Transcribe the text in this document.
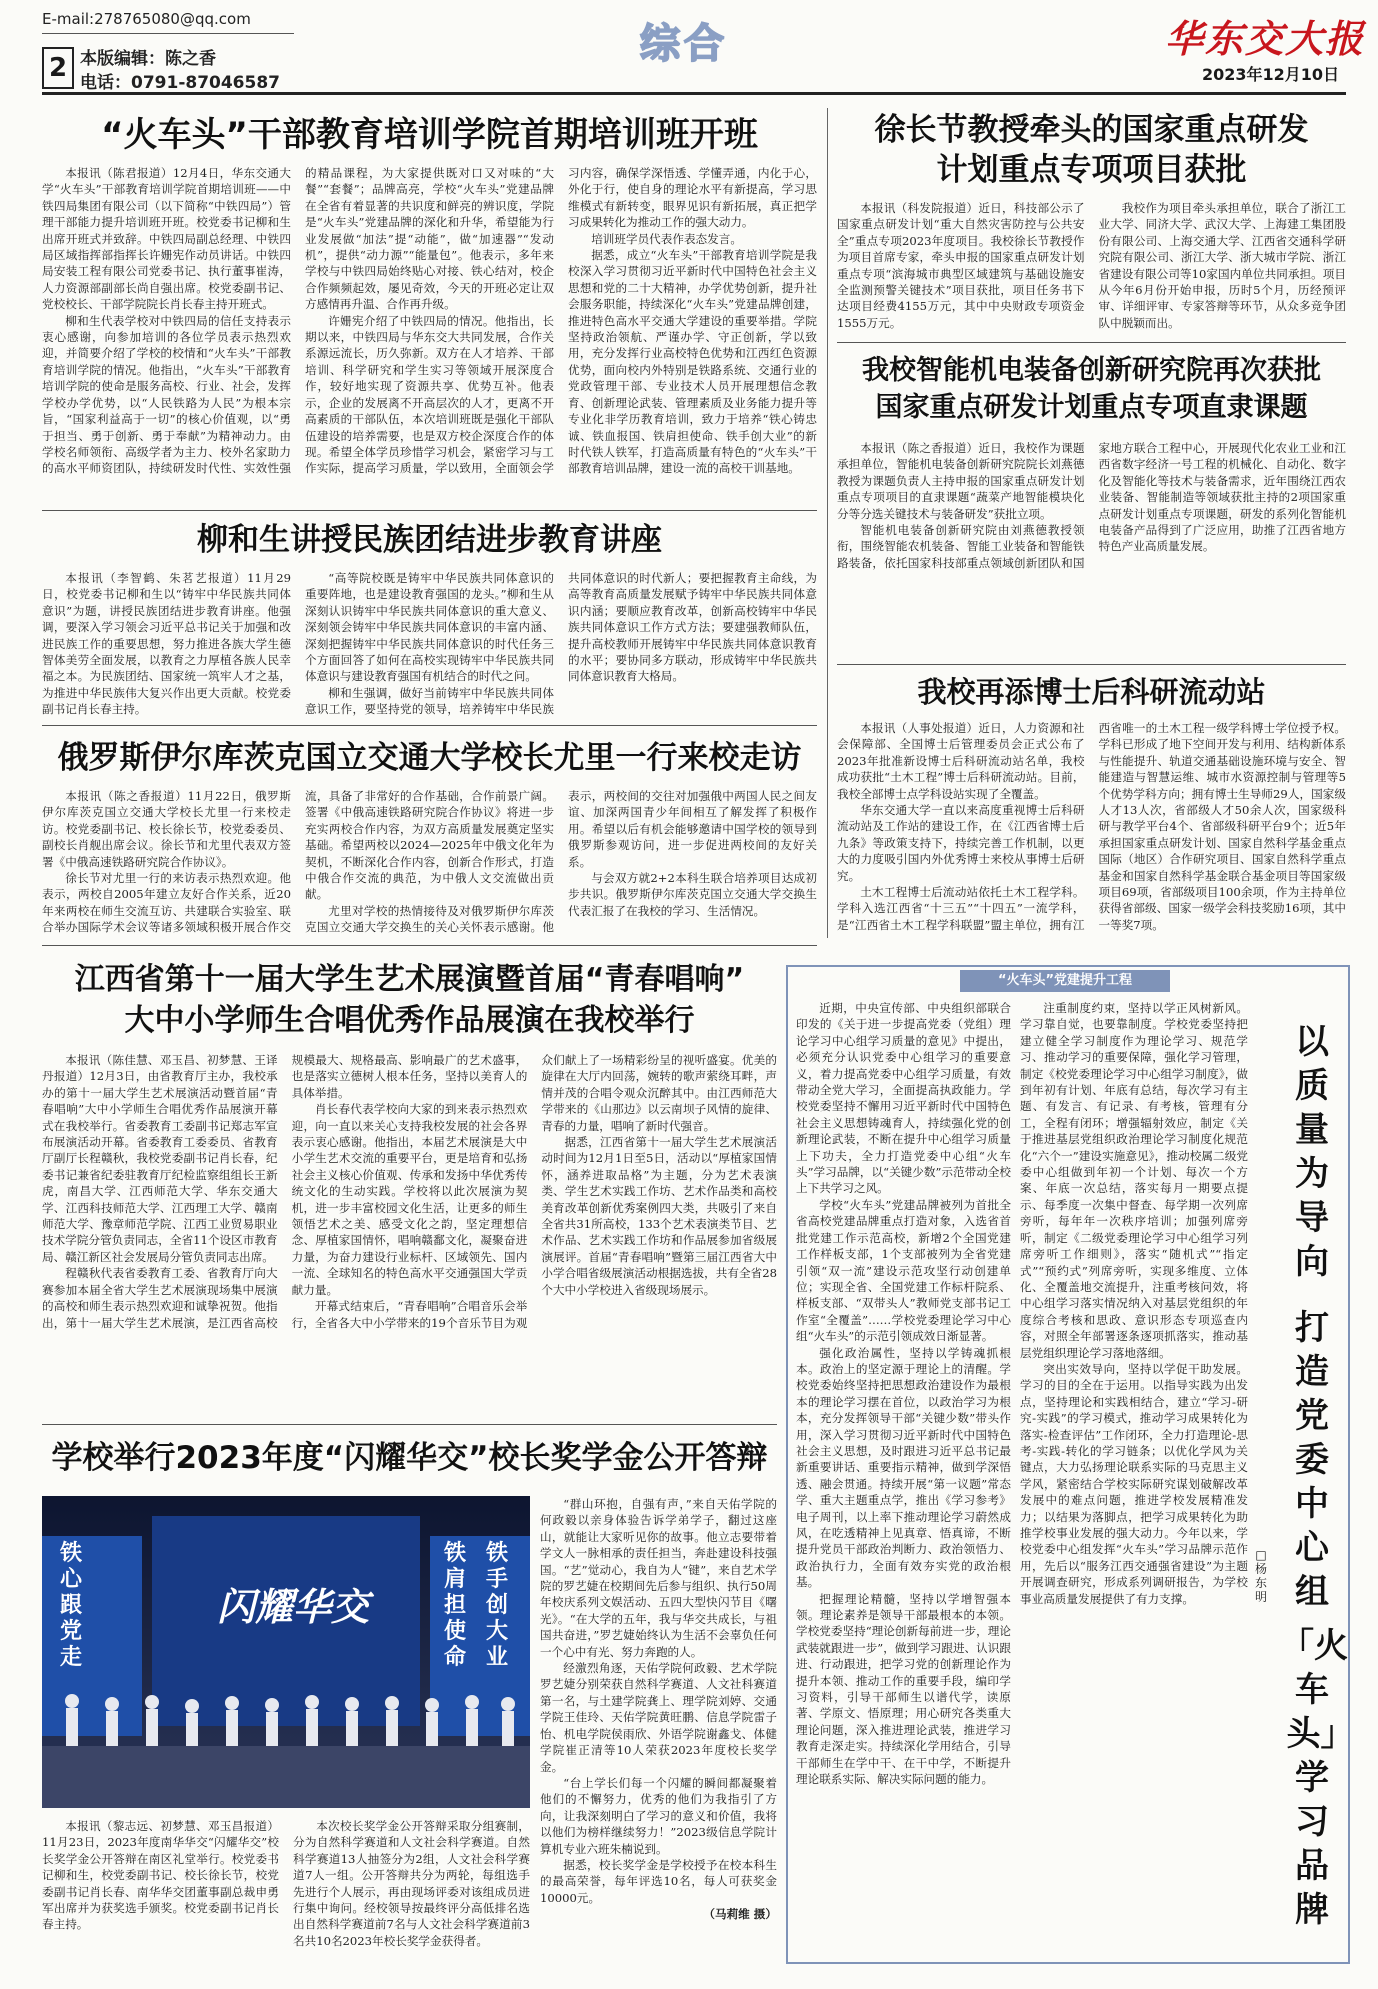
E-mail:278765080@qq.com
2 本版编辑：陈之香
电话：0791-87046587
综合	华东交大报
2023年12月10日
“火车头”干部教育培训学院首期培训班开班

本报讯（陈君报道）12月4日，华东交通大学“火车头”干部教育培训学院首期培训班——中铁四局集团有限公司（以下简称“中铁四局”）管理干部能力提升培训班开班。校党委书记柳和生出席开班式并致辞。中铁四局副总经理、中铁四局区域指挥部指挥长许姗宪作动员讲话。中铁四局安装工程有限公司党委书记、执行董事崔涛，人力资源部副部长尚自强出席。校党委副书记、党校校长、干部学院院长肖长春主持开班式。

柳和生代表学校对中铁四局的信任支持表示衷心感谢，向参加培训的各位学员表示热烈欢迎，并简要介绍了学校的校情和“火车头”干部教育培训学院的情况。他指出，“火车头”干部教育培训学院的使命是服务高校、行业、社会，发挥学校办学优势，以“人民铁路为人民”为根本宗旨，“国家利益高于一切”的核心价值观，以“勇于担当、勇于创新、勇于奉献”为精神动力。由学校名师领衔、高级学者为主力、校外名家助力的高水平师资团队，持续研发时代性、实效性强的精品课程，为大家提供既对口又对味的“大餐”“套餐”；品牌高亮，学校“火车头”党建品牌在全省有着显著的共识度和鲜亮的辨识度，学院是“火车头”党建品牌的深化和升华，希望能为行业发展做“加法”提“动能”，做“加速器”“发动机”，提供“动力源”“能量包”。他表示，多年来学校与中铁四局始终贴心对接、铁心结对，校企合作频频起效，屡见奇效，今天的开班必定让双方感情再升温、合作再升级。

许姗宪介绍了中铁四局的情况。他指出，长期以来，中铁四局与华东交大共同发展，合作关系源远流长，历久弥新。双方在人才培养、干部培训、科学研究和学生实习等领域开展深度合作，较好地实现了资源共享、优势互补。他表示，企业的发展离不开高层次的人才，更离不开高素质的干部队伍，本次培训班既是强化干部队伍建设的培养需要，也是双方校企深度合作的体现。希望全体学员珍惜学习机会，紧密学习与工作实际，提高学习质量，学以致用，全面领会学习内容，确保学深悟透、学懂弄通，内化于心，外化于行，使自身的理论水平有新提高，学习思维模式有新转变，眼界见识有新拓展，真正把学习成果转化为推动工作的强大动力。

培训班学员代表作表态发言。

据悉，成立“火车头”干部教育培训学院是我校深入学习贯彻习近平新时代中国特色社会主义思想和党的二十大精神，办学优势创新，提升社会服务职能，持续深化“火车头”党建品牌创建，推进特色高水平交通大学建设的重要举措。学院坚持政治领航、严谨办学、守正创新，学以致用，充分发挥行业高校特色优势和江西红色资源优势，面向校内外特别是铁路系统、交通行业的党政管理干部、专业技术人员开展理想信念教育、创新理论武装、管理素质及业务能力提升等专业化非学历教育培训，致力于培养“铁心铸忠诚、铁血报国、铁肩担使命、铁手创大业”的新时代铁人铁军，打造高质量有特色的“火车头”干部教育培训品牌，建设一流的高校干训基地。

柳和生讲授民族团结进步教育讲座

本报讯（李智鹤、朱茗艺报道）11月29日，校党委书记柳和生以“铸牢中华民族共同体意识”为题，讲授民族团结进步教育讲座。他强调，要深入学习领会习近平总书记关于加强和改进民族工作的重要思想，努力推进各族大学生德智体美劳全面发展，以教育之力厚植各族人民幸福之本。为民族团结、国家统一筑牢人才之基，为推进中华民族伟大复兴作出更大贡献。校党委副书记肖长春主持。

“高等院校既是铸牢中华民族共同体意识的重要阵地，也是建设教育强国的龙头。”柳和生从深刻认识铸牢中华民族共同体意识的重大意义、深刻领会铸牢中华民族共同体意识的丰富内涵、深刻把握铸牢中华民族共同体意识的时代任务三个方面回答了如何在高校实现铸牢中华民族共同体意识与建设教育强国有机结合的时代之问。

柳和生强调，做好当前铸牢中华民族共同体意识工作，要坚持党的领导，培养铸牢中华民族共同体意识的时代新人；要把握教育主命线，为高等教育高质量发展赋予铸牢中华民族共同体意识内涵；要顺应教育改革，创新高校铸牢中华民族共同体意识工作方式方法；要建强教师队伍，提升高校教师开展铸牢中华民族共同体意识教育的水平；要协同多方联动，形成铸牢中华民族共同体意识教育大格局。

俄罗斯伊尔库茨克国立交通大学校长尤里一行来校走访

本报讯（陈之香报道）11月22日，俄罗斯伊尔库茨克国立交通大学校长尤里一行来校走访。校党委副书记、校长徐长节，校党委委员、副校长肖舰出席会议。徐长节和尤里代表双方签署《中俄高速铁路研究院合作协议》。

徐长节对尤里一行的来访表示热烈欢迎。他表示，两校自2005年建立友好合作关系，近20年来两校在师生交流互访、共建联合实验室、联合举办国际学术会议等诸多领域积极开展合作交流，具备了非常好的合作基础，合作前景广阔。签署《中俄高速铁路研究院合作协议》将进一步充实两校合作内容，为双方高质量发展奠定坚实基础。希望两校以2024—2025年中俄文化年为契机，不断深化合作内容，创新合作形式，打造中俄合作交流的典范，为中俄人文交流做出贡献。

尤里对学校的热情接待及对俄罗斯伊尔库茨克国立交通大学交换生的关心关怀表示感谢。他表示，两校间的交往对加强俄中两国人民之间友谊、加深两国青少年间相互了解发挥了积极作用。希望以后有机会能够邀请中国学校的领导到俄罗斯参观访问，进一步促进两校间的友好关系。

与会双方就2+2本科生联合培养项目达成初步共识。俄罗斯伊尔库茨克国立交通大学交换生代表汇报了在我校的学习、生活情况。

江西省第十一届大学生艺术展演暨首届“青春唱响”
大中小学师生合唱优秀作品展演在我校举行

本报讯（陈佳慧、邓玉昌、初梦慧、王译丹报道）12月3日，由省教育厅主办，我校承办的第十一届大学生艺术展演活动暨首届“青春唱响”大中小学师生合唱优秀作品展演开幕式在我校举行。省委教育工委副书记郑志军宣布展演活动开幕。省委教育工委委员、省教育厅副厅长程赣秋，我校党委副书记肖长春，纪委书记兼省纪委驻教育厅纪检监察组组长王新虎，南昌大学、江西师范大学、华东交通大学、江西科技师范大学、江西理工大学、赣南师范大学、豫章师范学院、江西工业贸易职业技术学院分管负责同志，全省11个设区市教育局、赣江新区社会发展局分管负责同志出席。

程赣秋代表省委教育工委、省教育厅向大赛参加本届全省大学生艺术展演现场集中展演的高校和师生表示热烈欢迎和诚挚祝贺。他指出，第十一届大学生艺术展演，是江西省高校规模最大、规格最高、影响最广的艺术盛事，也是落实立德树人根本任务，坚持以美育人的具体举措。

肖长春代表学校向大家的到来表示热烈欢迎，向一直以来关心支持我校发展的社会各界表示衷心感谢。他指出，本届艺术展演是大中小学生艺术交流的重要平台，更是培育和弘扬社会主义核心价值观、传承和发扬中华优秀传统文化的生动实践。学校将以此次展演为契机，进一步丰富校园文化生活，让更多的师生领悟艺术之美、感受文化之韵，坚定理想信念、厚植家国情怀，唱响赣鄱文化，凝聚奋进力量，为奋力建设行业标杆、区域领先、国内一流、全球知名的特色高水平交通强国大学贡献力量。

开幕式结束后，“青春唱响”合唱音乐会举行，全省各大中小学带来的19个音乐节目为观众们献上了一场精彩纷呈的视听盛宴。优美的旋律在大厅内回荡，婉转的歌声萦绕耳畔，声情并茂的合唱令观众沉醉其中。由江西师范大学带来的《山那边》以云南坝子风情的旋律、青春的力量，唱响了新时代强音。

据悉，江西省第十一届大学生艺术展演活动时间为12月1日至5日，活动以“厚植家国情怀，涵养进取品格”为主题，分为艺术表演类、学生艺术实践工作坊、艺术作品类和高校美育改革创新优秀案例四大类，共吸引了来自全省共31所高校，133个艺术表演类节目、艺术作品、艺术实践工作坊和作品展参加省级展演展评。首届“青春唱响”暨第三届江西省大中小学合唱省级展演活动根据选拔，共有全省28个大中小学校进入省级现场展示。

学校举行2023年度“闪耀华交”校长奖学金公开答辩
闪耀华交
铁心跟党走
铁肩担使命
铁手创大业

“群山环抱，自强有声，”来自天佑学院的何政毅以亲身体验告诉学弟学子，翻过这座山，就能让大家听见你的故事。他立志要带着学文人一脉相承的责任担当，奔赴建设科技强国。“艺”觉动心，我自为人“键”，来自艺术学院的罗艺婕在校期间先后参与组织、执行50周年校庆系列文娱活动、五四大型快闪节目《曙光》。“在大学的五年，我与华交共成长，与祖国共奋进，”罗艺婕始终认为生活不会辜负任何一个心中有光、努力奔跑的人。

经激烈角逐，天佑学院何政毅、艺术学院罗艺婕分别荣获自然科学赛道、人文社科赛道第一名，与土建学院龚上、理学院刘婷、交通学院王佳玲、天佑学院黄旺鹏、信息学院雷子怡、机电学院侯雨欣、外语学院谢鑫戈、体健学院崔正清等10人荣获2023年度校长奖学金。

“台上学长们每一个闪耀的瞬间都凝聚着他们的不懈努力，优秀的他们为我指引了方向，让我深刻明白了学习的意义和价值，我将以他们为榜样继续努力！”2023级信息学院计算机专业六班朱楠说到。

据悉，校长奖学金是学校授予在校本科生的最高荣誉，每年评选10名，每人可获奖金10000元。

（马莉维 摄）

本报讯（黎志远、初梦慧、邓玉昌报道）11月23日，2023年度南华华交“闪耀华交”校长奖学金公开答辩在南区礼堂举行。校党委书记柳和生，校党委副书记、校长徐长节，校党委副书记肖长春、南华华交团董事副总裁申勇军出席并为获奖选手颁奖。校党委副书记肖长春主持。

本次校长奖学金公开答辩采取分组赛制，分为自然科学赛道和人文社会科学赛道。自然科学赛道13人抽签分为2组，人文社会科学赛道7人一组。公开答辩共分为两轮，每组选手先进行个人展示，再由现场评委对该组成员进行集中询问。经校领导按最终评分高低排名选出自然科学赛道前7名与人文社会科学赛道前3名共10名2023年校长奖学金获得者。

徐长节教授牵头的国家重点研发
计划重点专项项目获批

本报讯（科发院报道）近日，科技部公示了国家重点研发计划“重大自然灾害防控与公共安全”重点专项2023年度项目。我校徐长节教授作为项目首席专家，牵头申报的国家重点研发计划重点专项“滨海城市典型区域建筑与基础设施安全监测预警关键技术”项目获批，项目任务书下达项目经费4155万元，其中中央财政专项资金1555万元。

我校作为项目牵头承担单位，联合了浙江工业大学、同济大学、武汉大学、上海建工集团股份有限公司、上海交通大学、江西省交通科学研究院有限公司、浙江大学、浙大城市学院、浙江省建设有限公司等10家国内单位共同承担。项目从今年6月份开始申报，历时5个月，历经预评审、详细评审、专家答辩等环节，从众多竞争团队中脱颖而出。

我校智能机电装备创新研究院再次获批
国家重点研发计划重点专项直隶课题

本报讯（陈之香报道）近日，我校作为课题承担单位，智能机电装备创新研究院院长刘燕德教授为课题负责人主持申报的国家重点研发计划重点专项项目的直隶课题“蔬菜产地智能模块化分等分选关键技术与装备研发”获批立项。

智能机电装备创新研究院由刘燕德教授领衔，围绕智能农机装备、智能工业装备和智能铁路装备，依托国家科技部重点领域创新团队和国家地方联合工程中心，开展现代化农业工业和江西省数字经济一号工程的机械化、自动化、数字化及智能化等技术与装备需求，近年围绕江西农业装备、智能制造等领域获批主持的2项国家重点研发计划重点专项课题，研发的系列化智能机电装备产品得到了广泛应用，助推了江西省地方特色产业高质量发展。

我校再添博士后科研流动站

本报讯（人事处报道）近日，人力资源和社会保障部、全国博士后管理委员会正式公布了2023年批准新设博士后科研流动站名单，我校成功获批“土木工程”博士后科研流动站。目前，我校全部博士点学科设站实现了全覆盖。

华东交通大学一直以来高度重视博士后科研流动站及工作站的建设工作，在《江西省博士后九条》等政策支持下，持续完善工作机制，以更大的力度吸引国内外优秀博士来校从事博士后研究。

土木工程博士后流动站依托土木工程学科。学科入选江西省“十三五”“十四五”一流学科，是“江西省土木工程学科联盟”盟主单位，拥有江西省唯一的土木工程一级学科博士学位授予权。学科已形成了地下空间开发与利用、结构新体系与性能提升、轨道交通基础设施环境与安全、智能建造与智慧运维、城市水资源控制与管理等5个优势学科方向；拥有博士生导师29人，国家级人才13人次，省部级人才50余人次，国家级科研与教学平台4个、省部级科研平台9个；近5年承担国家重点研发计划、国家自然科学基金重点国际（地区）合作研究项目、国家自然科学重点基金和国家自然科学基金联合基金项目等国家级项目69项，省部级项目100余项，作为主持单位获得省部级、国家一级学会科技奖励16项，其中一等奖7项。

“火车头”党建提升工程

近期，中央宣传部、中央组织部联合印发的《关于进一步提高党委（党组）理论学习中心组学习质量的意见》中提出，必须充分认识党委中心组学习的重要意义，着力提高党委中心组学习质量，有效带动全党大学习，全面提高执政能力。学校党委坚持不懈用习近平新时代中国特色社会主义思想铸魂育人，持续强化党的创新理论武装，不断在提升中心组学习质量上下功夫，全力打造党委中心组“火车头”学习品牌，以“关键少数”示范带动全校上下共学习之风。

学校“火车头”党建品牌被列为首批全省高校党建品牌重点打造对象，入选省首批党建工作示范高校，新增2个全国党建工作样板支部，1个支部被列为全省党建引领“双一流”建设示范攻坚行动创建单位；实现全省、全国党建工作标杆院系、样板支部、“双带头人”教师党支部书记工作室“全覆盖”……学校党委理论学习中心组“火车头”的示范引领成效日渐显著。

强化政治属性，坚持以学铸魂抓根本。政治上的坚定源于理论上的清醒。学校党委始终坚持把思想政治建设作为最根本的理论学习摆在首位，以政治学习为根本，充分发挥领导干部“关键少数”带头作用，深入学习贯彻习近平新时代中国特色社会主义思想，及时跟进习近平总书记最新重要讲话、重要指示精神，做到学深悟透、融会贯通。持续开展“第一议题”常态学、重大主题重点学，推出《学习参考》电子周刊，以上率下推动理论学习蔚然成风，在吃透精神上见真章、悟真谛，不断提升党员干部政治判断力、政治领悟力、政治执行力，全面有效夯实党的政治根基。

把握理论精髓，坚持以学增智强本领。理论素养是领导干部最根本的本领。学校党委坚持“理论创新每前进一步，理论武装就跟进一步”，做到学习跟进、认识跟进、行动跟进，把学习党的创新理论作为提升本领、推动工作的重要手段，编印学习资料，引导干部师生以谱代学，读原著、学原文、悟原理；用心研究各类重大理论问题，深入推进理论武装，推进学习教育走深走实。持续深化学用结合，引导干部师生在学中干、在干中学，不断提升理论联系实际、解决实际问题的能力。

注重制度约束，坚持以学正风树新风。学习靠自觉，也要靠制度。学校党委坚持把建立健全学习制度作为理论学习、规范学习、推动学习的重要保障，强化学习管理，制定《校党委理论学习中心组学习制度》，做到年初有计划、年底有总结，每次学习有主题、有发言、有记录、有考核，管理有分工，全程有闭环；增强辐射效应，制定《关于推进基层党组织政治理论学习制度化规范化“六个一”建设实施意见》，推动校属二级党委中心组做到年初一个计划、每次一个方案、年底一次总结，落实每月一期要点提示、每季度一次集中督查、每学期一次列席旁听，每年年一次秩序培训；加强列席旁听，制定《二级党委理论学习中心组学习列席旁听工作细则》，落实“随机式”“指定式”“预约式”列席旁听，实现多维度、立体化、全覆盖地交流提升，注重考核问效，将中心组学习落实情况纳入对基层党组织的年度综合考核和思政、意识形态专项巡查内容，对照全年部署逐条逐项抓落实，推动基层党组织理论学习落地落细。

突出实效导向，坚持以学促干助发展。学习的目的全在于运用。以指导实践为出发点，坚持理论和实践相结合，建立“学习-研究-实践”的学习模式，推动学习成果转化为落实-检查评估”工作闭环，全力打造理论-思考-实践-转化的学习链条；以优化学风为关键点，大力弘扬理论联系实际的马克思主义学风，紧密结合学校实际研究谋划破解改革发展中的难点问题，推进学校发展精准发力；以结果为落脚点，把学习成果转化为助推学校事业发展的强大动力。今年以来，学校党委中心组发挥“火车头”学习品牌示范作用，先后以“服务江西交通强省建设”为主题开展调查研究，形成系列调研报告，为学校事业高质量发展提供了有力支撑。

以质量为导向
打造党委中心组
「火车头」学习品牌
□杨东明
